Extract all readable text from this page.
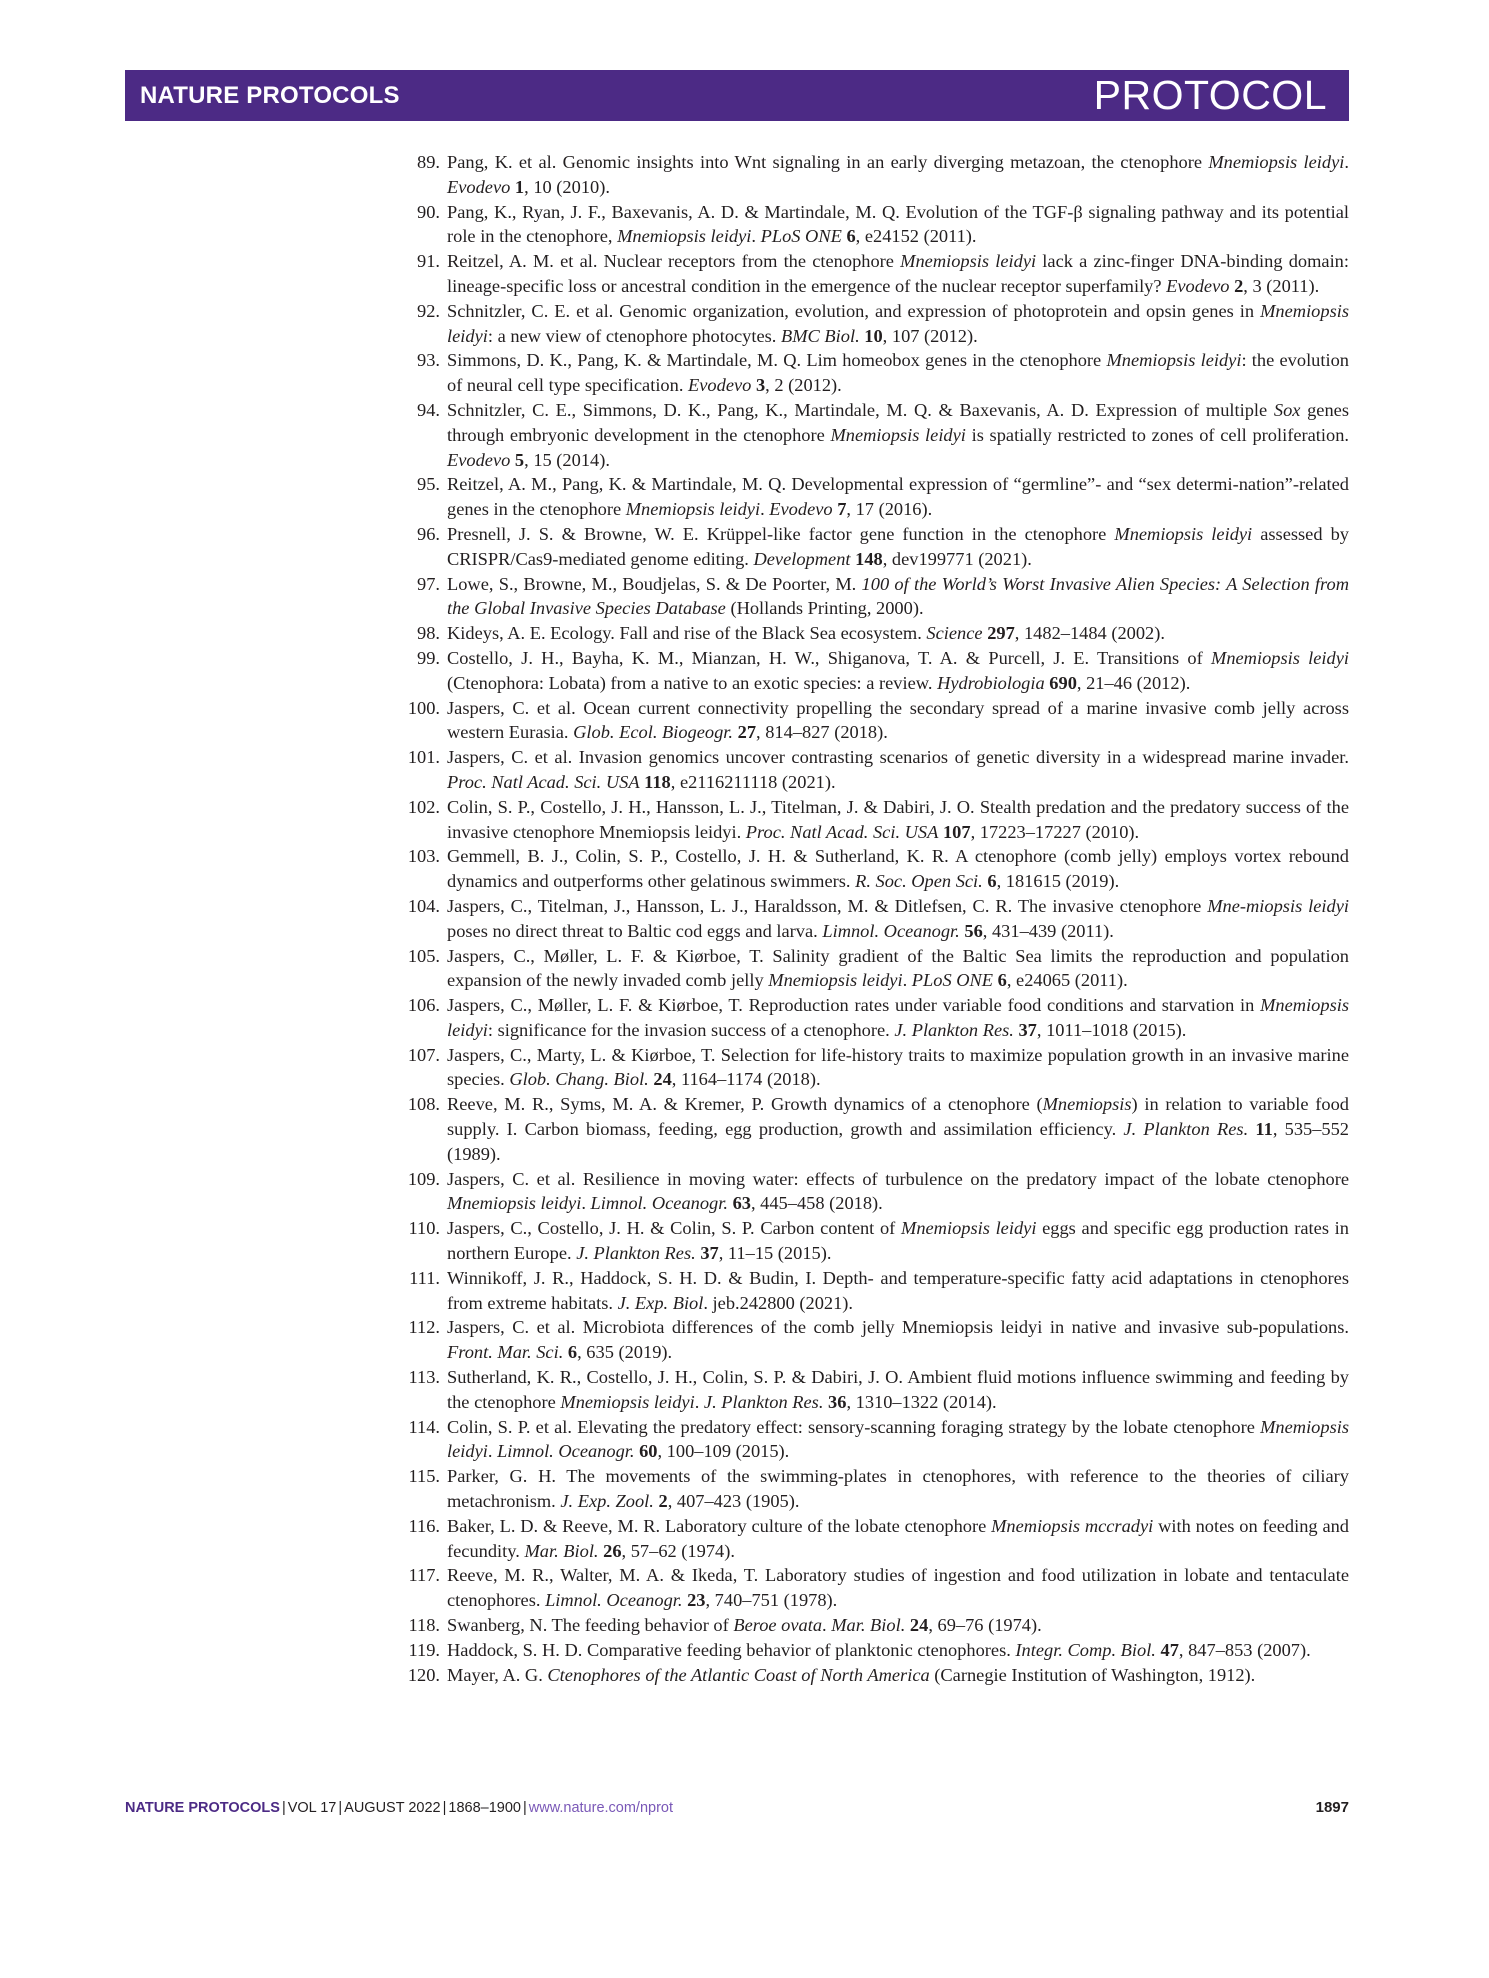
NATURE PROTOCOLS	PROTOCOL
89. Pang, K. et al. Genomic insights into Wnt signaling in an early diverging metazoan, the ctenophore Mnemiopsis leidyi. Evodevo 1, 10 (2010).
90. Pang, K., Ryan, J. F., Baxevanis, A. D. & Martindale, M. Q. Evolution of the TGF-β signaling pathway and its potential role in the ctenophore, Mnemiopsis leidyi. PLoS ONE 6, e24152 (2011).
91. Reitzel, A. M. et al. Nuclear receptors from the ctenophore Mnemiopsis leidyi lack a zinc-finger DNA-binding domain: lineage-specific loss or ancestral condition in the emergence of the nuclear receptor superfamily? Evodevo 2, 3 (2011).
92. Schnitzler, C. E. et al. Genomic organization, evolution, and expression of photoprotein and opsin genes in Mnemiopsis leidyi: a new view of ctenophore photocytes. BMC Biol. 10, 107 (2012).
93. Simmons, D. K., Pang, K. & Martindale, M. Q. Lim homeobox genes in the ctenophore Mnemiopsis leidyi: the evolution of neural cell type specification. Evodevo 3, 2 (2012).
94. Schnitzler, C. E., Simmons, D. K., Pang, K., Martindale, M. Q. & Baxevanis, A. D. Expression of multiple Sox genes through embryonic development in the ctenophore Mnemiopsis leidyi is spatially restricted to zones of cell proliferation. Evodevo 5, 15 (2014).
95. Reitzel, A. M., Pang, K. & Martindale, M. Q. Developmental expression of “germline”- and “sex determi-nation”-related genes in the ctenophore Mnemiopsis leidyi. Evodevo 7, 17 (2016).
96. Presnell, J. S. & Browne, W. E. Krüppel-like factor gene function in the ctenophore Mnemiopsis leidyi assessed by CRISPR/Cas9-mediated genome editing. Development 148, dev199771 (2021).
97. Lowe, S., Browne, M., Boudjelas, S. & De Poorter, M. 100 of the World’s Worst Invasive Alien Species: A Selection from the Global Invasive Species Database (Hollands Printing, 2000).
98. Kideys, A. E. Ecology. Fall and rise of the Black Sea ecosystem. Science 297, 1482–1484 (2002).
99. Costello, J. H., Bayha, K. M., Mianzan, H. W., Shiganova, T. A. & Purcell, J. E. Transitions of Mnemiopsis leidyi (Ctenophora: Lobata) from a native to an exotic species: a review. Hydrobiologia 690, 21–46 (2012).
100. Jaspers, C. et al. Ocean current connectivity propelling the secondary spread of a marine invasive comb jelly across western Eurasia. Glob. Ecol. Biogeogr. 27, 814–827 (2018).
101. Jaspers, C. et al. Invasion genomics uncover contrasting scenarios of genetic diversity in a widespread marine invader. Proc. Natl Acad. Sci. USA 118, e2116211118 (2021).
102. Colin, S. P., Costello, J. H., Hansson, L. J., Titelman, J. & Dabiri, J. O. Stealth predation and the predatory success of the invasive ctenophore Mnemiopsis leidyi. Proc. Natl Acad. Sci. USA 107, 17223–17227 (2010).
103. Gemmell, B. J., Colin, S. P., Costello, J. H. & Sutherland, K. R. A ctenophore (comb jelly) employs vortex rebound dynamics and outperforms other gelatinous swimmers. R. Soc. Open Sci. 6, 181615 (2019).
104. Jaspers, C., Titelman, J., Hansson, L. J., Haraldsson, M. & Ditlefsen, C. R. The invasive ctenophore Mne-miopsis leidyi poses no direct threat to Baltic cod eggs and larva. Limnol. Oceanogr. 56, 431–439 (2011).
105. Jaspers, C., Møller, L. F. & Kiørboe, T. Salinity gradient of the Baltic Sea limits the reproduction and population expansion of the newly invaded comb jelly Mnemiopsis leidyi. PLoS ONE 6, e24065 (2011).
106. Jaspers, C., Møller, L. F. & Kiørboe, T. Reproduction rates under variable food conditions and starvation in Mnemiopsis leidyi: significance for the invasion success of a ctenophore. J. Plankton Res. 37, 1011–1018 (2015).
107. Jaspers, C., Marty, L. & Kiørboe, T. Selection for life-history traits to maximize population growth in an invasive marine species. Glob. Chang. Biol. 24, 1164–1174 (2018).
108. Reeve, M. R., Syms, M. A. & Kremer, P. Growth dynamics of a ctenophore (Mnemiopsis) in relation to variable food supply. I. Carbon biomass, feeding, egg production, growth and assimilation efficiency. J. Plankton Res. 11, 535–552 (1989).
109. Jaspers, C. et al. Resilience in moving water: effects of turbulence on the predatory impact of the lobate ctenophore Mnemiopsis leidyi. Limnol. Oceanogr. 63, 445–458 (2018).
110. Jaspers, C., Costello, J. H. & Colin, S. P. Carbon content of Mnemiopsis leidyi eggs and specific egg production rates in northern Europe. J. Plankton Res. 37, 11–15 (2015).
111. Winnikoff, J. R., Haddock, S. H. D. & Budin, I. Depth- and temperature-specific fatty acid adaptations in ctenophores from extreme habitats. J. Exp. Biol. jeb.242800 (2021).
112. Jaspers, C. et al. Microbiota differences of the comb jelly Mnemiopsis leidyi in native and invasive sub-populations. Front. Mar. Sci. 6, 635 (2019).
113. Sutherland, K. R., Costello, J. H., Colin, S. P. & Dabiri, J. O. Ambient fluid motions influence swimming and feeding by the ctenophore Mnemiopsis leidyi. J. Plankton Res. 36, 1310–1322 (2014).
114. Colin, S. P. et al. Elevating the predatory effect: sensory-scanning foraging strategy by the lobate ctenophore Mnemiopsis leidyi. Limnol. Oceanogr. 60, 100–109 (2015).
115. Parker, G. H. The movements of the swimming-plates in ctenophores, with reference to the theories of ciliary metachronism. J. Exp. Zool. 2, 407–423 (1905).
116. Baker, L. D. & Reeve, M. R. Laboratory culture of the lobate ctenophore Mnemiopsis mccradyi with notes on feeding and fecundity. Mar. Biol. 26, 57–62 (1974).
117. Reeve, M. R., Walter, M. A. & Ikeda, T. Laboratory studies of ingestion and food utilization in lobate and tentaculate ctenophores. Limnol. Oceanogr. 23, 740–751 (1978).
118. Swanberg, N. The feeding behavior of Beroe ovata. Mar. Biol. 24, 69–76 (1974).
119. Haddock, S. H. D. Comparative feeding behavior of planktonic ctenophores. Integr. Comp. Biol. 47, 847–853 (2007).
120. Mayer, A. G. Ctenophores of the Atlantic Coast of North America (Carnegie Institution of Washington, 1912).
NATURE PROTOCOLS | VOL 17 | AUGUST 2022 | 1868–1900 | www.nature.com/nprot	1897
